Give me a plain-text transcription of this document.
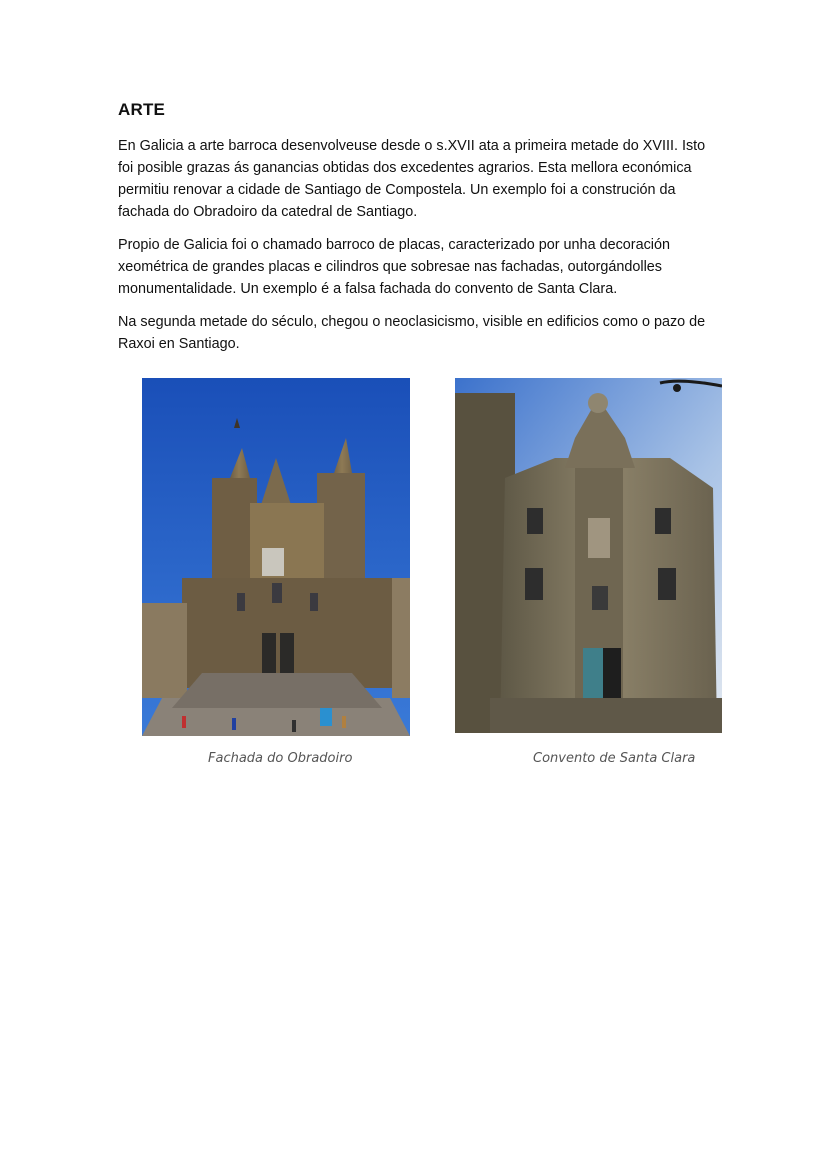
ARTE

En Galicia a arte barroca desenvolveuse desde o s.XVII ata a primeira metade do XVIII. Isto foi posible grazas ás ganancias obtidas dos excedentes agrarios. Esta mellora económica permitiu renovar a cidade de Santiago de Compostela. Un exemplo foi a construción da fachada do Obradoiro da catedral de Santiago.

Propio de Galicia foi o chamado barroco de placas, caracterizado por unha decoración xeométrica de grandes placas e cilindros que sobresae nas fachadas, outorgándolles monumentalidade. Un exemplo é a falsa fachada do convento de Santa Clara.

Na segunda metade do século, chegou o neoclasicismo, visible en edificios como o pazo de Raxoi en Santiago.

Fachada do Obradoiro	Convento de Santa Clara
